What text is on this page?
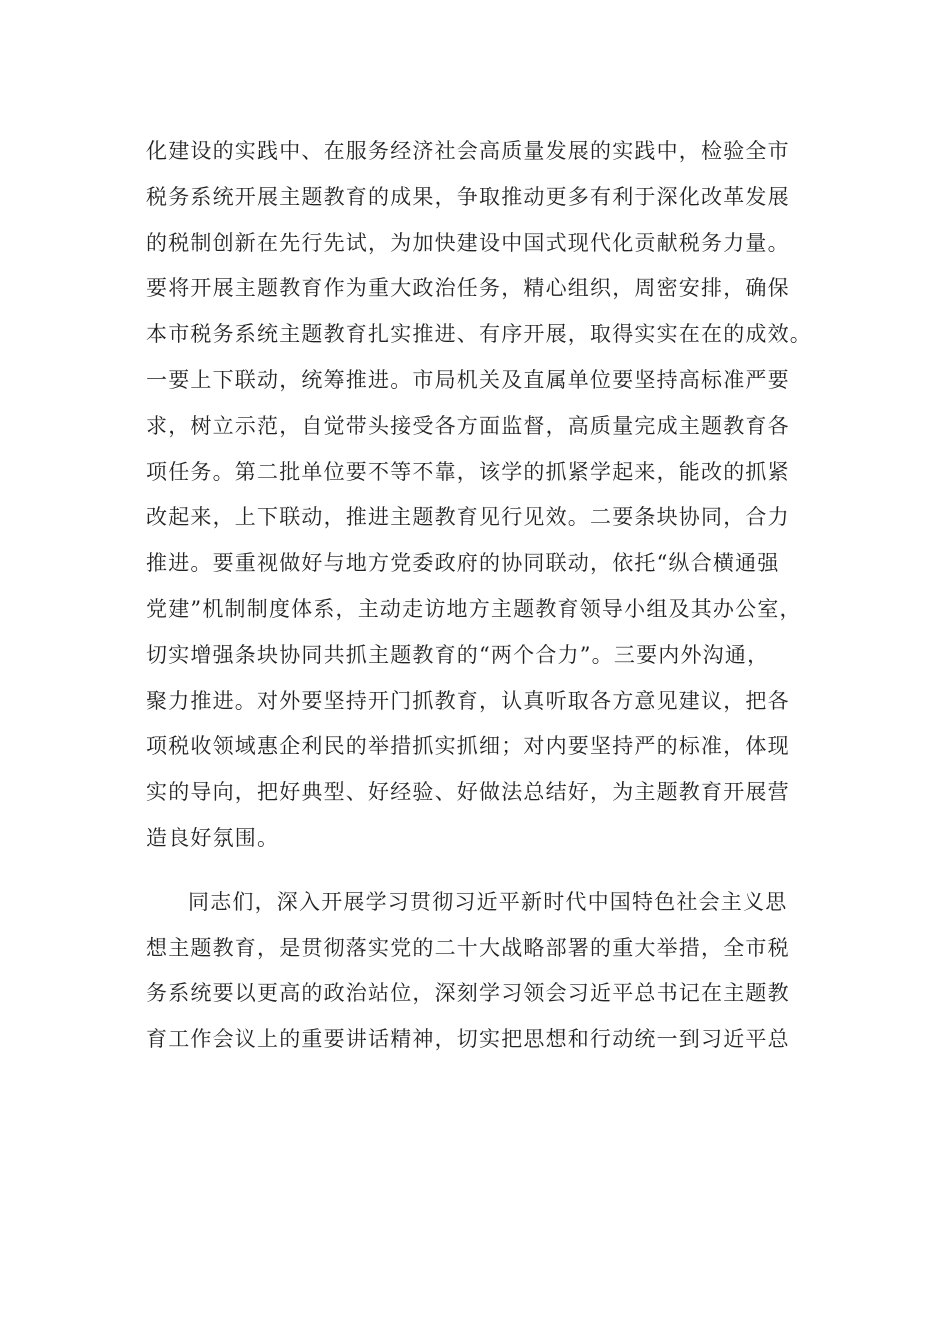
化建设的实践中、在服务经济社会高质量发展的实践中，检验全市
税务系统开展主题教育的成果，争取推动更多有利于深化改革发展
的税制创新在先行先试，为加快建设中国式现代化贡献税务力量。
要将开展主题教育作为重大政治任务，精心组织，周密安排，确保
本市税务系统主题教育扎实推进、有序开展，取得实实在在的成效。
一要上下联动，统筹推进。市局机关及直属单位要坚持高标准严要
求，树立示范，自觉带头接受各方面监督，高质量完成主题教育各
项任务。第二批单位要不等不靠，该学的抓紧学起来，能改的抓紧
改起来，上下联动，推进主题教育见行见效。二要条块协同，合力
推进。要重视做好与地方党委政府的协同联动，依托“纵合横通强
党建”机制制度体系，主动走访地方主题教育领导小组及其办公室，
切实增强条块协同共抓主题教育的“两个合力”。三要内外沟通，
聚力推进。对外要坚持开门抓教育，认真听取各方意见建议，把各
项税收领域惠企利民的举措抓实抓细；对内要坚持严的标准，体现
实的导向，把好典型、好经验、好做法总结好，为主题教育开展营
造良好氛围。
同志们，深入开展学习贯彻习近平新时代中国特色社会主义思
想主题教育，是贯彻落实党的二十大战略部署的重大举措，全市税
务系统要以更高的政治站位，深刻学习领会习近平总书记在主题教
育工作会议上的重要讲话精神，切实把思想和行动统一到习近平总
